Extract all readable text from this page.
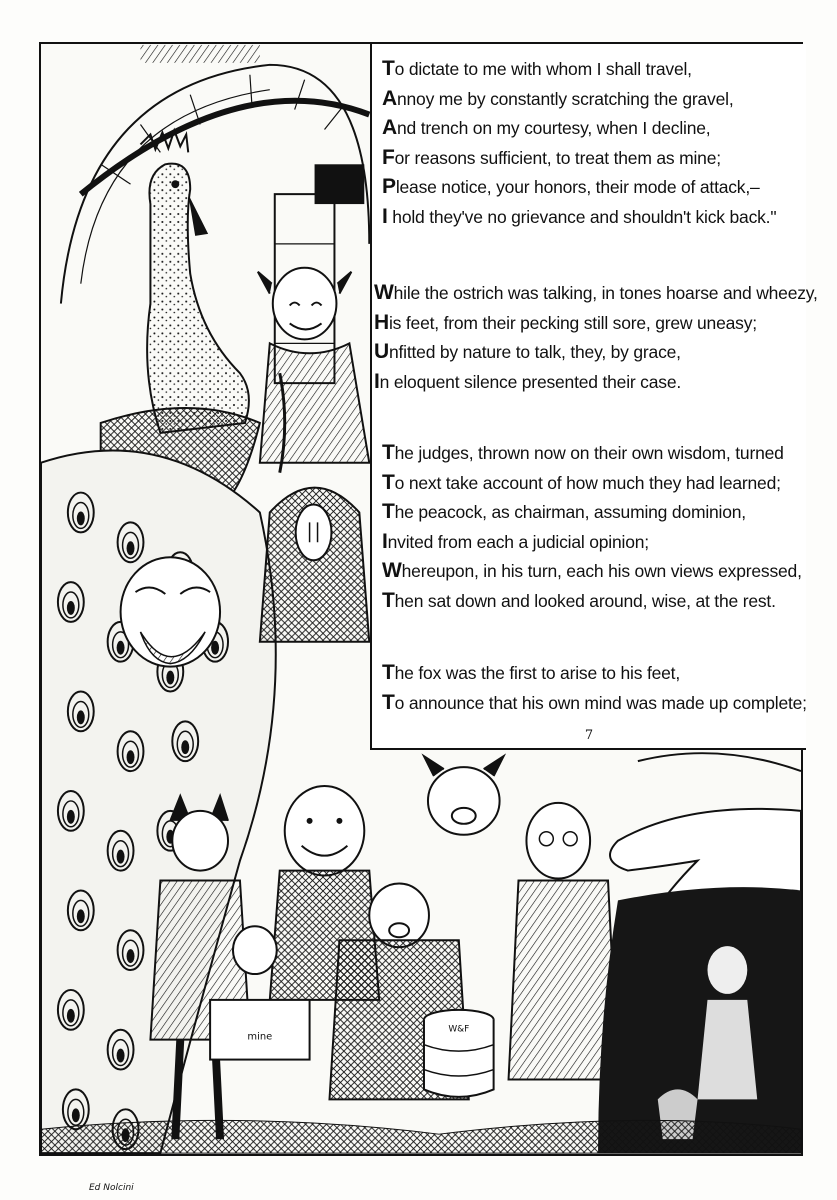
mine
W&F
Ed Nolcini
To dictate to me with whom I shall travel,
Annoy me by constantly scratching the gravel,
And trench on my courtesy, when I decline,
For reasons sufficient, to treat them as mine;
Please notice, your honors, their mode of attack,–
I hold they've no grievance and shouldn't kick back."
While the ostrich was talking, in tones hoarse and wheezy,
His feet, from their pecking still sore, grew uneasy;
Unfitted by nature to talk, they, by grace,
In eloquent silence presented their case.
The judges, thrown now on their own wisdom, turned
To next take account of how much they had learned;
The peacock, as chairman, assuming dominion,
Invited from each a judicial opinion;
Whereupon, in his turn, each his own views expressed,
Then sat down and looked around, wise, at the rest.
The fox was the first to arise to his feet,
To announce that his own mind was made up complete;
7
